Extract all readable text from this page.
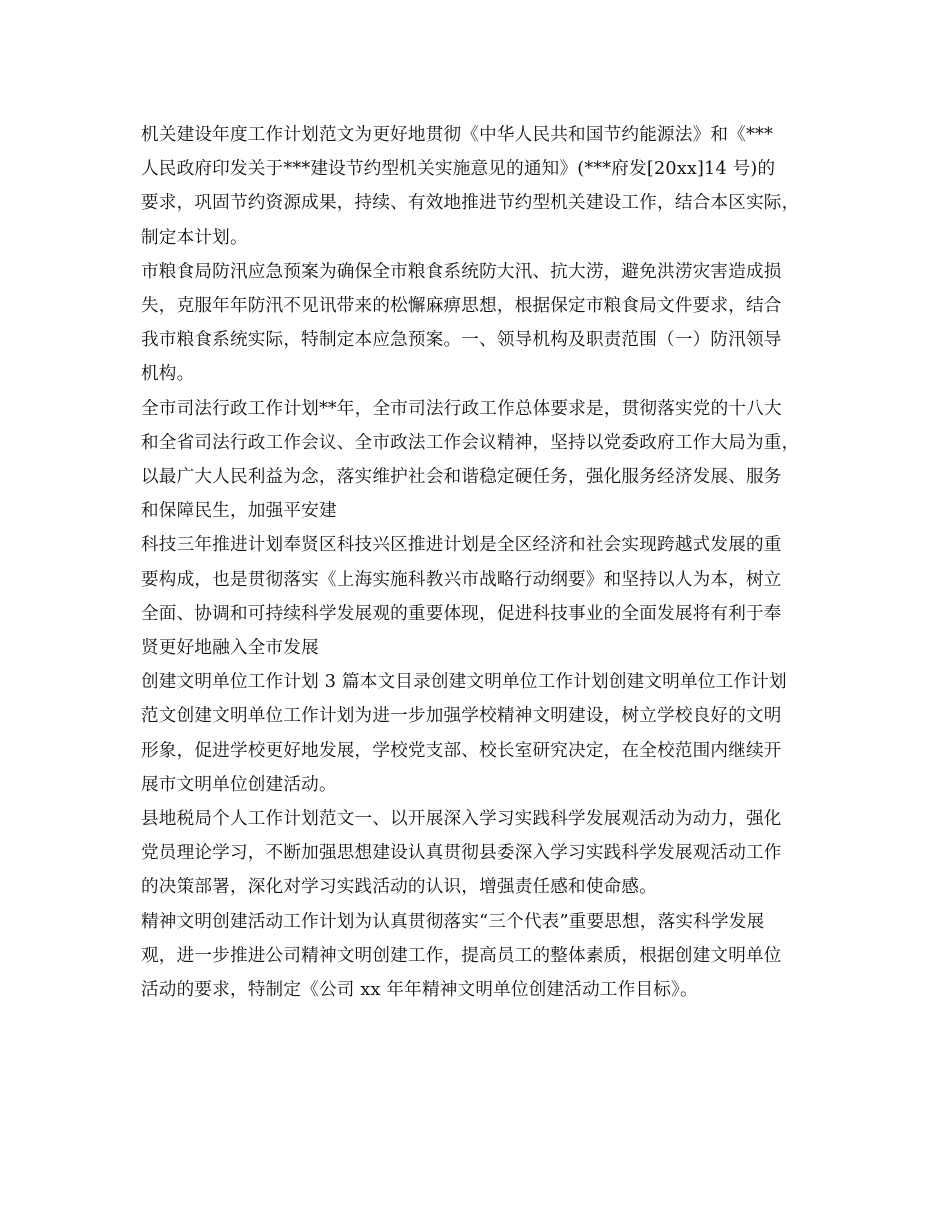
机关建设年度工作计划范文为更好地贯彻《中华人民共和国节约能源法》和《***
人民政府印发关于***建设节约型机关实施意见的通知》(***府发[20xx]14 号)的
要求，巩固节约资源成果，持续、有效地推进节约型机关建设工作，结合本区实际，
制定本计划。

市粮食局防汛应急预案为确保全市粮食系统防大汛、抗大涝，避免洪涝灾害造成损
失，克服年年防汛不见讯带来的松懈麻痹思想，根据保定市粮食局文件要求，结合
我市粮食系统实际，特制定本应急预案。一、领导机构及职责范围（一）防汛领导
机构。

全市司法行政工作计划**年，全市司法行政工作总体要求是，贯彻落实党的十八大
和全省司法行政工作会议、全市政法工作会议精神，坚持以党委政府工作大局为重，
以最广大人民利益为念，落实维护社会和谐稳定硬任务，强化服务经济发展、服务
和保障民生，加强平安建

科技三年推进计划奉贤区科技兴区推进计划是全区经济和社会实现跨越式发展的重
要构成，也是贯彻落实《上海实施科教兴市战略行动纲要》和坚持以人为本，树立
全面、协调和可持续科学发展观的重要体现，促进科技事业的全面发展将有利于奉
贤更好地融入全市发展

创建文明单位工作计划 3 篇本文目录创建文明单位工作计划创建文明单位工作计划
范文创建文明单位工作计划为进一步加强学校精神文明建设，树立学校良好的文明
形象，促进学校更好地发展，学校党支部、校长室研究决定，在全校范围内继续开
展市文明单位创建活动。

县地税局个人工作计划范文一、以开展深入学习实践科学发展观活动为动力，强化
党员理论学习，不断加强思想建设认真贯彻县委深入学习实践科学发展观活动工作
的决策部署，深化对学习实践活动的认识，增强责任感和使命感。

精神文明创建活动工作计划为认真贯彻落实“三个代表”重要思想，落实科学发展
观，进一步推进公司精神文明创建工作，提高员工的整体素质，根据创建文明单位
活动的要求，特制定《公司 xx 年年精神文明单位创建活动工作目标》。
